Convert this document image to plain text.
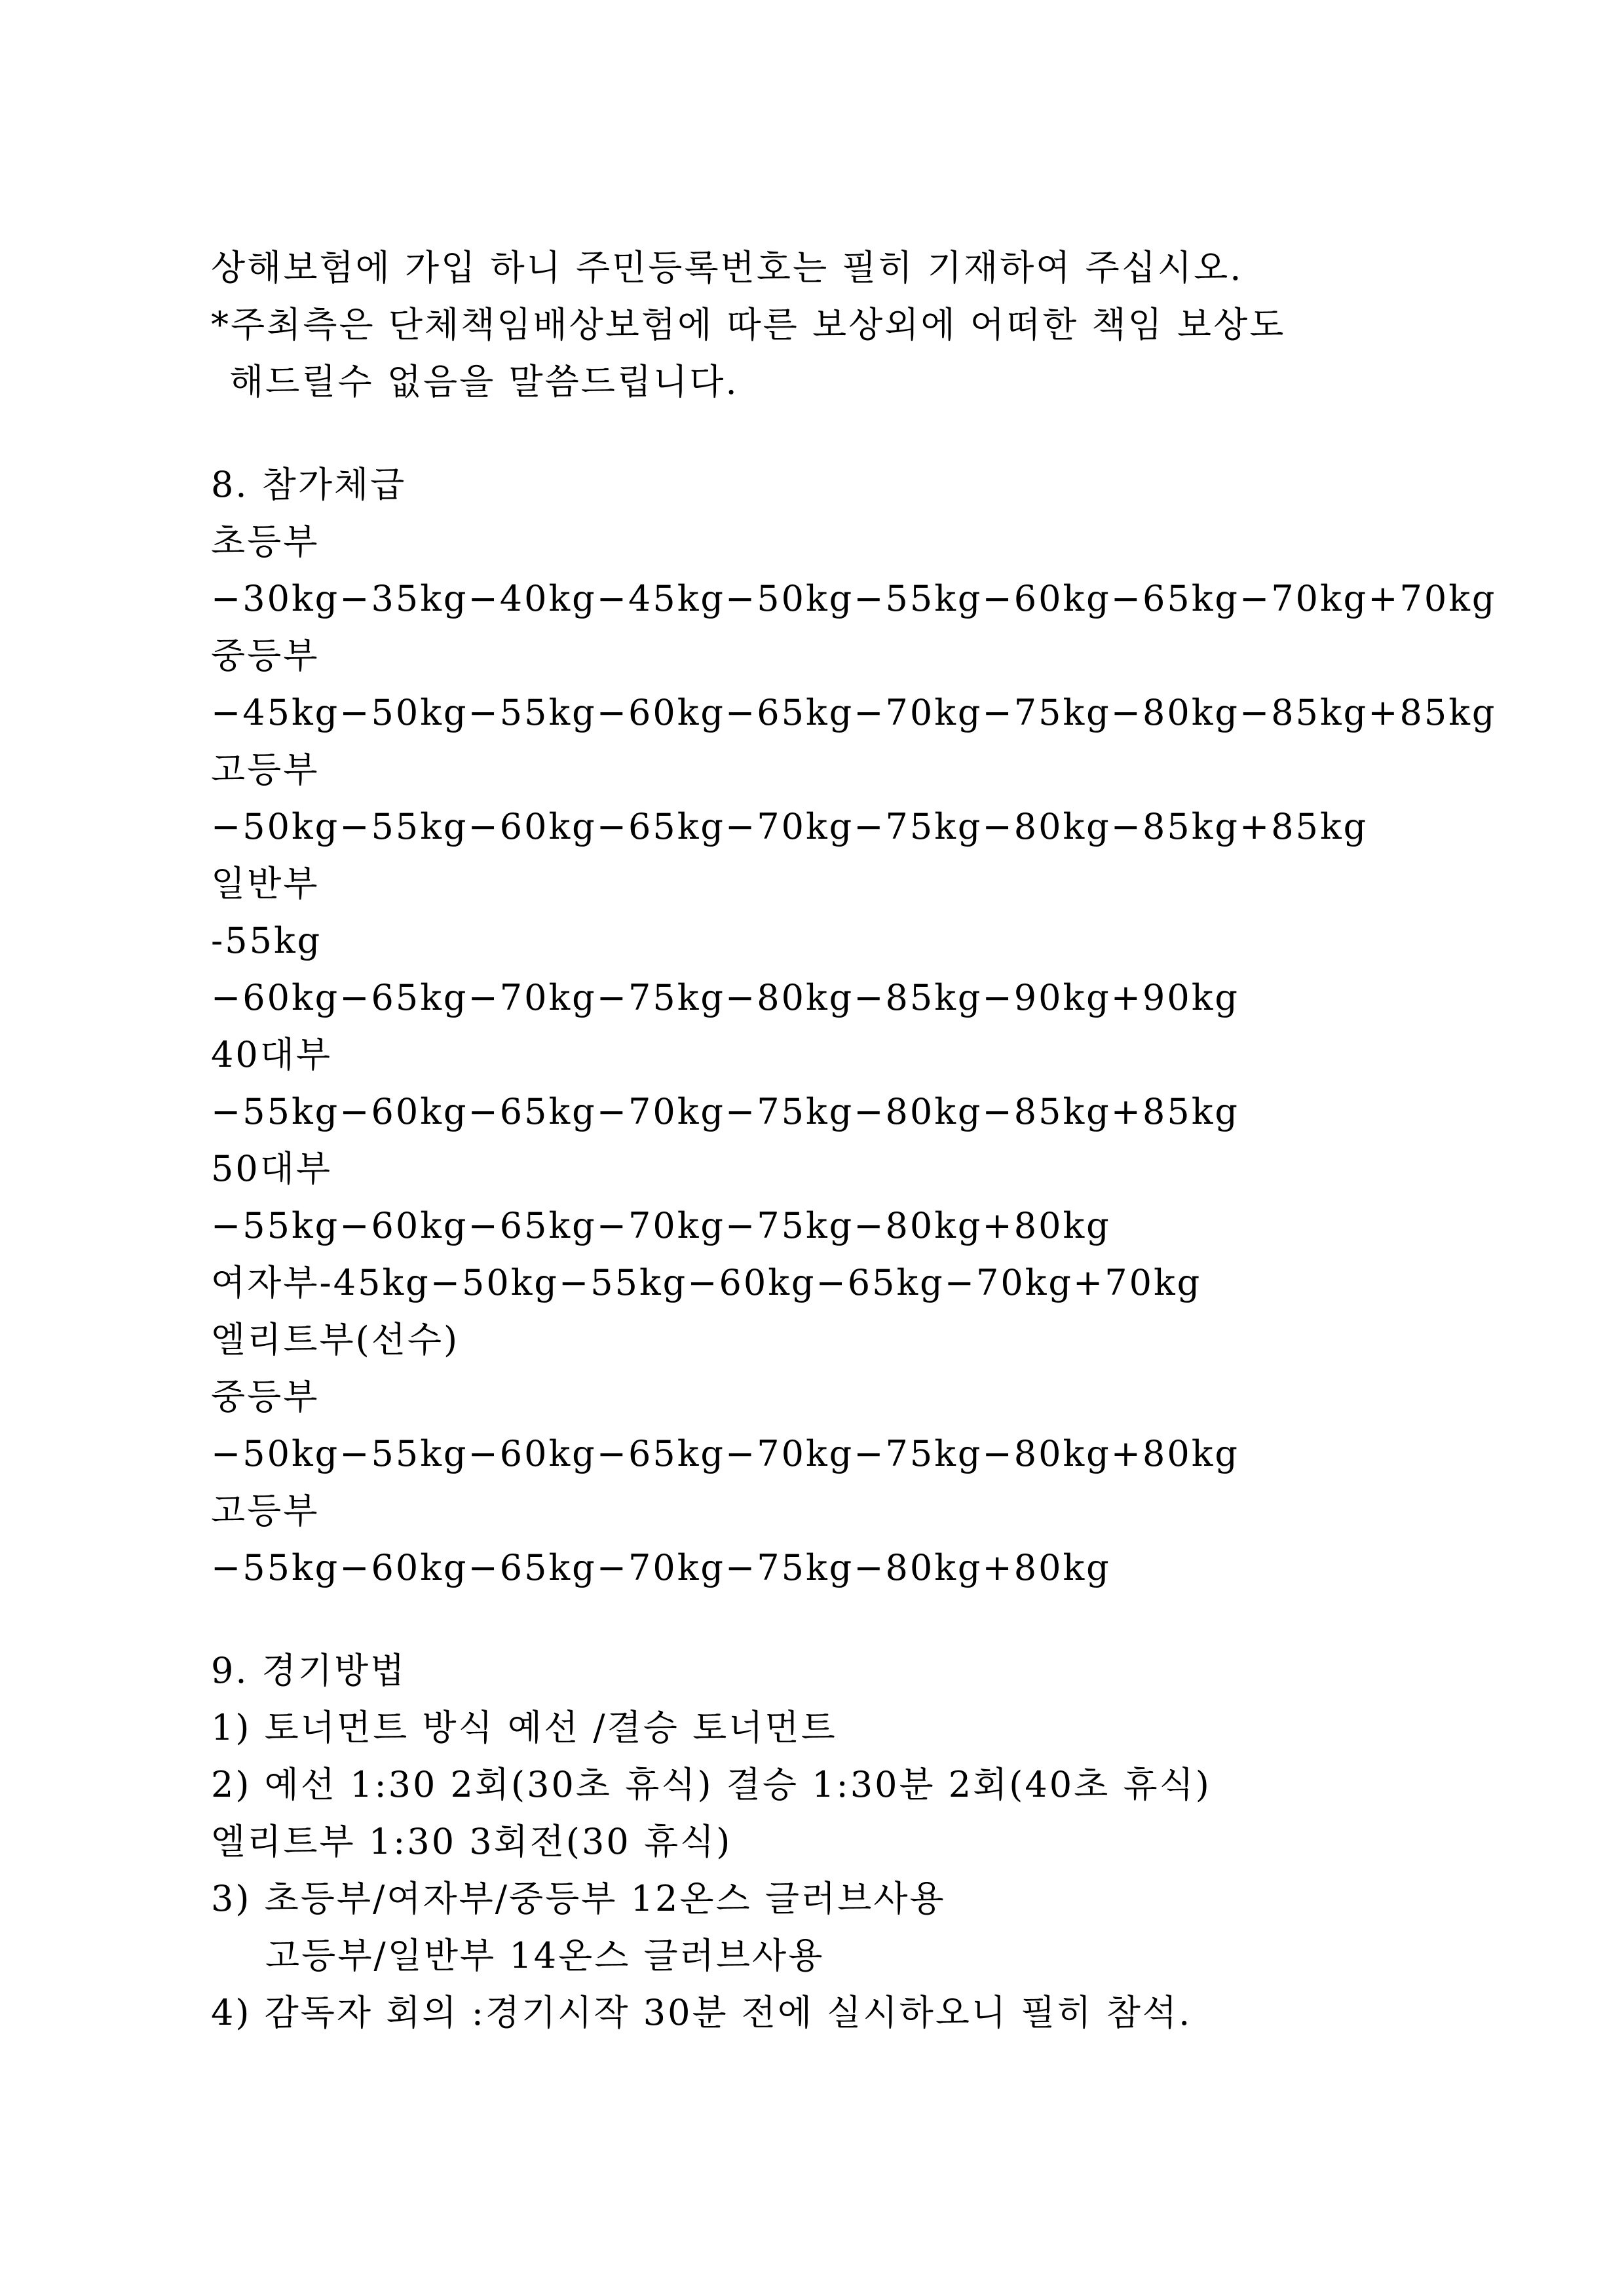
상해보험에 가입 하니 주민등록번호는 필히 기재하여 주십시오.
*주최측은 단체책임배상보험에 따른 보상외에 어떠한 책임 보상도
해드릴수 없음을 말씀드립니다.
8. 참가체급
초등부
−30kg−35kg−40kg−45kg−50kg−55kg−60kg−65kg−70kg+70kg
중등부
−45kg−50kg−55kg−60kg−65kg−70kg−75kg−80kg−85kg+85kg
고등부
−50kg−55kg−60kg−65kg−70kg−75kg−80kg−85kg+85kg
일반부
-55kg
−60kg−65kg−70kg−75kg−80kg−85kg−90kg+90kg
40대부
−55kg−60kg−65kg−70kg−75kg−80kg−85kg+85kg
50대부
−55kg−60kg−65kg−70kg−75kg−80kg+80kg
여자부-45kg−50kg−55kg−60kg−65kg−70kg+70kg
엘리트부(선수)
중등부
−50kg−55kg−60kg−65kg−70kg−75kg−80kg+80kg
고등부
−55kg−60kg−65kg−70kg−75kg−80kg+80kg
9. 경기방법
1) 토너먼트 방식 예선 /결승 토너먼트
2) 예선 1:30 2회(30초 휴식) 결승 1:30분 2회(40초 휴식)
엘리트부 1:30 3회전(30 휴식)
3) 초등부/여자부/중등부 12온스 글러브사용
고등부/일반부 14온스 글러브사용
4) 감독자 회의 :경기시작 30분 전에 실시하오니 필히 참석.
